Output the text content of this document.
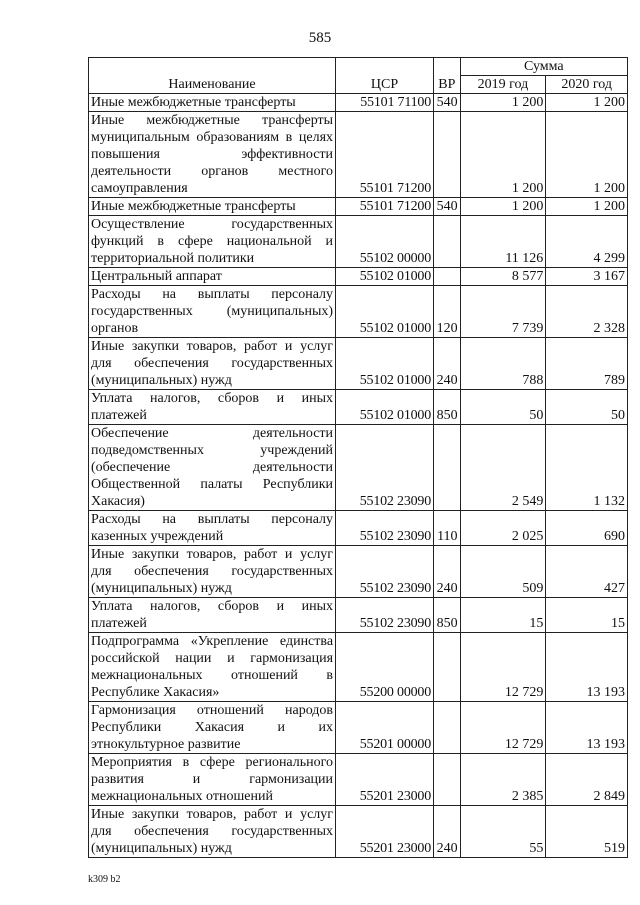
585
Наименование	ЦСР	ВР	Сумма	
			2019 год	2020 год
Иные межбюджетные трансферты	55101 71100	540	1 200	1 200
Иные межбюджетные трансферты муниципальным образованиям в целях повышения эффективности деятельности органов местного самоуправления	55101 71200		1 200	1 200
Иные межбюджетные трансферты	55101 71200	540	1 200	1 200
Осуществление государственных функций в сфере национальной и территориальной политики	55102 00000		11 126	4 299
Центральный аппарат	55102 01000		8 577	3 167
Расходы на выплаты персоналу государственных (муниципальных) органов	55102 01000	120	7 739	2 328
Иные закупки товаров, работ и услуг для обеспечения государственных (муниципальных) нужд	55102 01000	240	788	789
Уплата налогов, сборов и иных платежей	55102 01000	850	50	50
Обеспечение деятельности подведомственных учреждений (обеспечение деятельности Общественной палаты Республики Хакасия)	55102 23090		2 549	1 132
Расходы на выплаты персоналу казенных учреждений	55102 23090	110	2 025	690
Иные закупки товаров, работ и услуг для обеспечения государственных (муниципальных) нужд	55102 23090	240	509	427
Уплата налогов, сборов и иных платежей	55102 23090	850	15	15
Подпрограмма «Укрепление единства российской нации и гармонизация межнациональных отношений в Республике Хакасия»	55200 00000		12 729	13 193
Гармонизация отношений народов Республики Хакасия и их этнокультурное развитие	55201 00000		12 729	13 193
Мероприятия в сфере регионального развития и гармонизации межнациональных отношений	55201 23000		2 385	2 849
Иные закупки товаров, работ и услуг для обеспечения государственных (муниципальных) нужд	55201 23000	240	55	519
k309 b2
